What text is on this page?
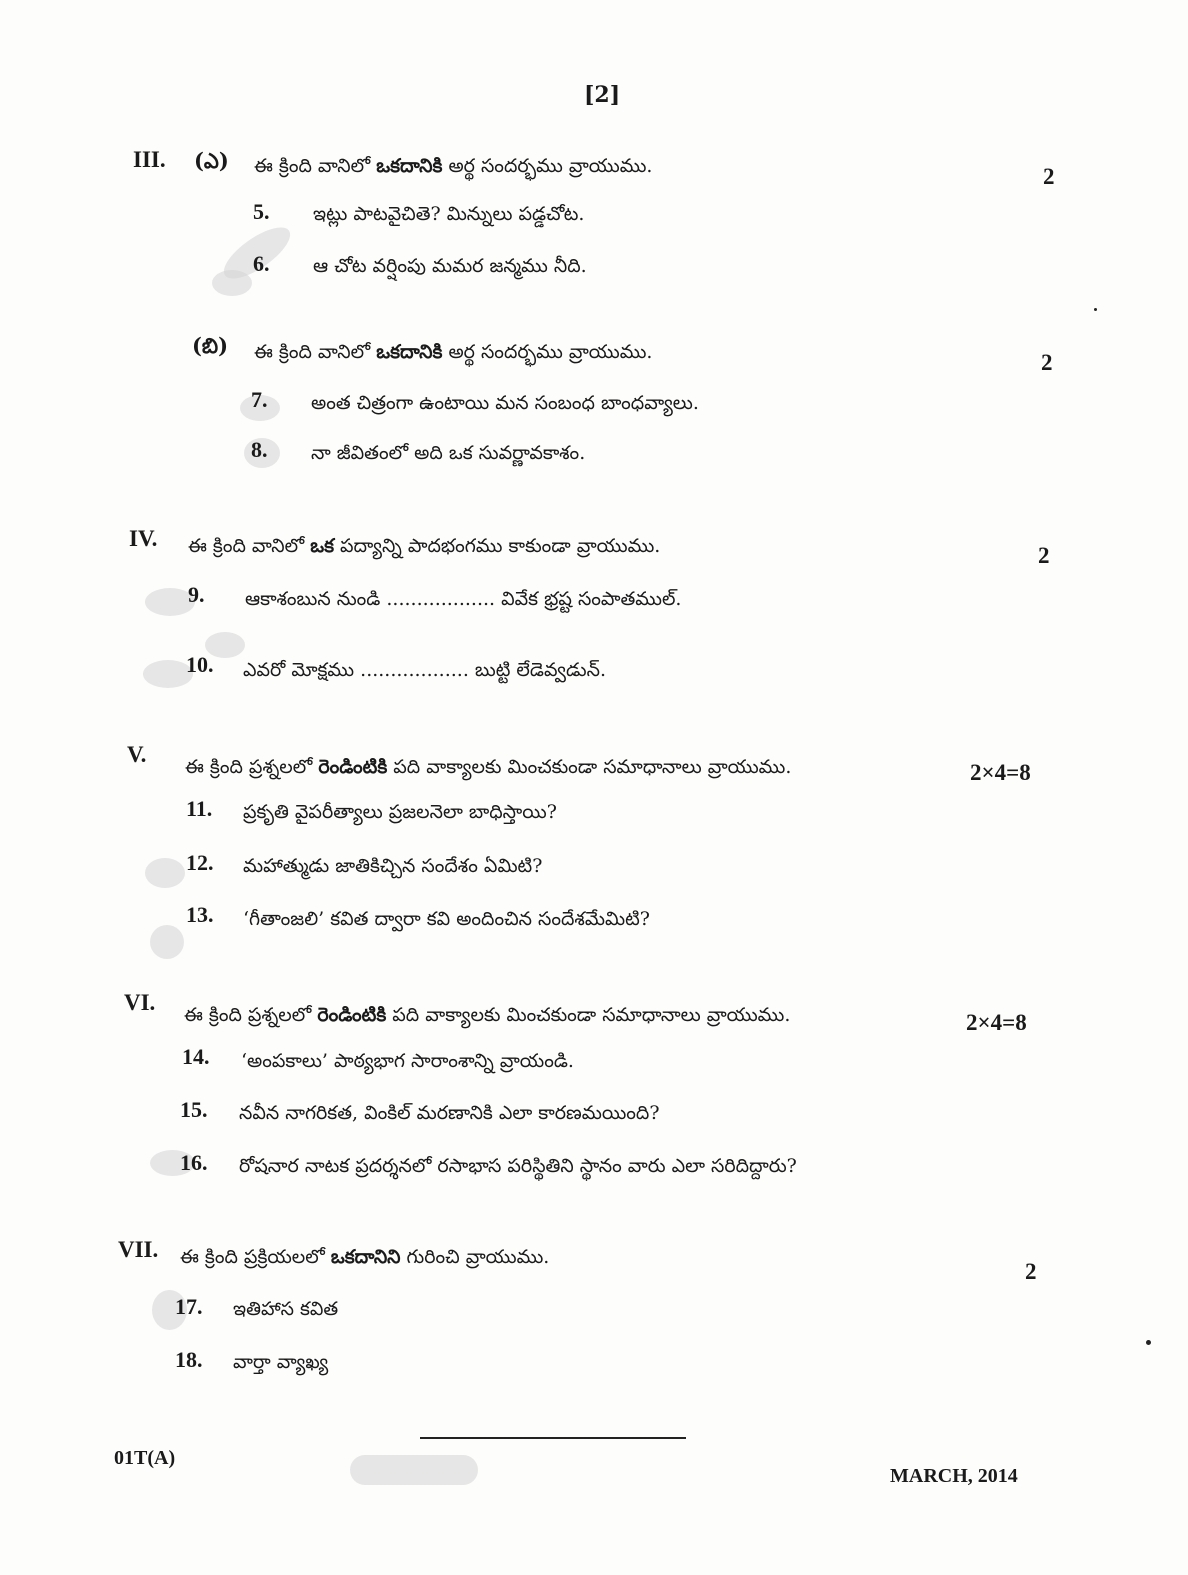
[2]
III. (ఎ) ఈ క్రింది వానిలో ఒకదానికి అర్థ సందర్భము వ్రాయుము.	2
5. ఇట్లు పాటవైచితె? మిన్నులు పడ్డచోట.
6. ఆ చోట వర్షింపు మమర జన్మము నీది.
(బి) ఈ క్రింది వానిలో ఒకదానికి అర్థ సందర్భము వ్రాయుము.	2
7. అంత చిత్రంగా ఉంటాయి మన సంబంధ బాంధవ్యాలు.
8. నా జీవితంలో అది ఒక సువర్ణావకాశం.
IV. ఈ క్రింది వానిలో ఒక పద్యాన్ని పాదభంగము కాకుండా వ్రాయుము.	2
9. ఆకాశంబున నుండి .................. వివేక భ్రష్ట సంపాతముల్.
10. ఎవరో మోక్షము .................. బుట్టి లేడెవ్వడున్.
V. ఈ క్రింది ప్రశ్నలలో రెండింటికి పది వాక్యాలకు మించకుండా సమాధానాలు వ్రాయుము.	2×4=8
11. ప్రకృతి వైపరీత్యాలు ప్రజలనెలా బాధిస్తాయి?
12. మహాత్ముడు జాతికిచ్చిన సందేశం ఏమిటి?
13. ‘గీతాంజలి’ కవిత ద్వారా కవి అందించిన సందేశమేమిటి?
VI. ఈ క్రింది ప్రశ్నలలో రెండింటికి పది వాక్యాలకు మించకుండా సమాధానాలు వ్రాయుము.	2×4=8
14. ‘అంపకాలు’ పాఠ్యభాగ సారాంశాన్ని వ్రాయండి.
15. నవీన నాగరికత, వింకిల్ మరణానికి ఎలా కారణమయింది?
16. రోషనార నాటక ప్రదర్శనలో రసాభాస పరిస్థితిని స్థానం వారు ఎలా సరిదిద్దారు?
VII. ఈ క్రింది ప్రక్రియలలో ఒకదానిని గురించి వ్రాయుము.
2
17. ఇతిహాస కవిత
18. వార్తా వ్యాఖ్య
01T(A)
MARCH, 2014
